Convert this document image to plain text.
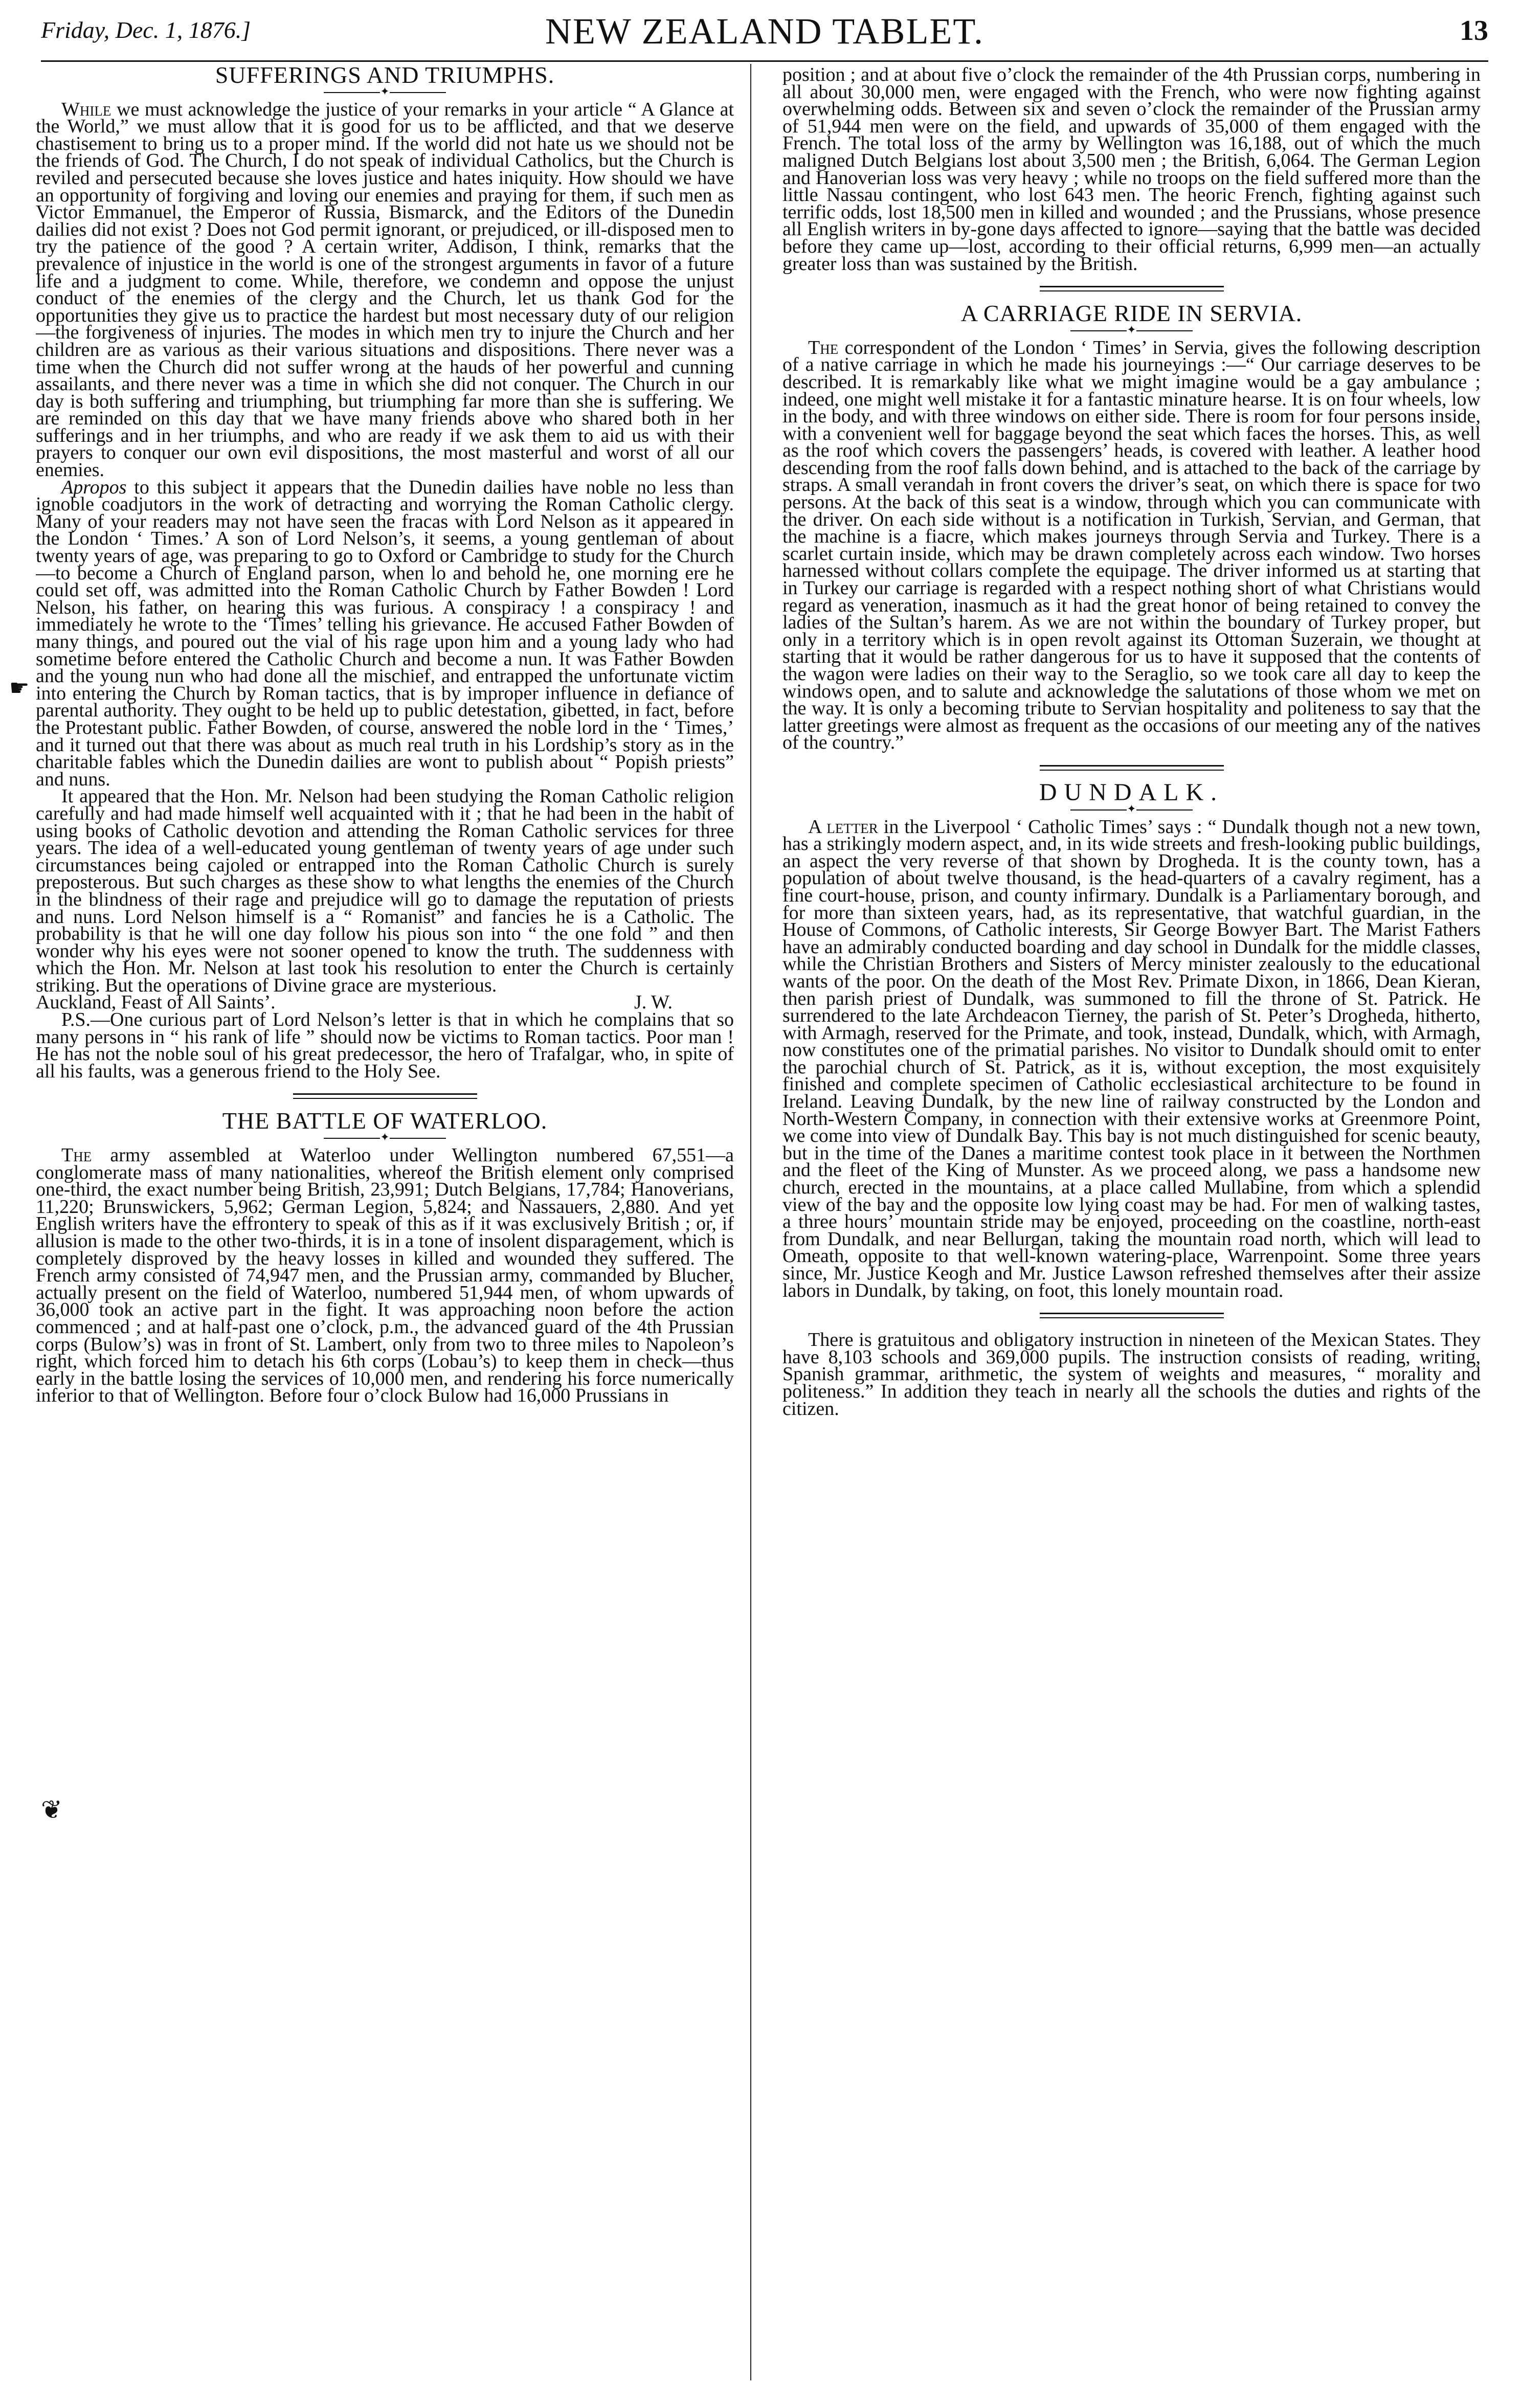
Friday, Dec. 1, 1876.]	NEW ZEALAND TABLET.	13
☛
❦
SUFFERINGS AND TRIUMPHS.
✦

While we must acknowledge the justice of your remarks in your article “ A Glance at the World,” we must allow that it is good for us to be afflicted, and that we deserve chastisement to bring us to a proper mind. If the world did not hate us we should not be the friends of God. The Church, I do not speak of individual Catholics, but the Church is reviled and persecuted because she loves justice and hates iniquity. How should we have an opportunity of forgiving and loving our enemies and praying for them, if such men as Victor Emmanuel, the Emperor of Russia, Bismarck, and the Editors of the Dunedin dailies did not exist ? Does not God permit ignorant, or prejudiced, or ill-disposed men to try the patience of the good ? A certain writer, Addison, I think, remarks that the prevalence of injustice in the world is one of the strongest arguments in favor of a future life and a judgment to come. While, therefore, we condemn and oppose the unjust conduct of the enemies of the clergy and the Church, let us thank God for the opportunities they give us to practice the hardest but most necessary duty of our religion—the forgiveness of injuries. The modes in which men try to injure the Church and her children are as various as their various situations and dispositions. There never was a time when the Church did not suffer wrong at the hauds of her powerful and cunning assailants, and there never was a time in which she did not conquer. The Church in our day is both suffering and triumphing, but triumphing far more than she is suffering. We are reminded on this day that we have many friends above who shared both in her sufferings and in her triumphs, and who are ready if we ask them to aid us with their prayers to conquer our own evil dispositions, the most masterful and worst of all our enemies.

Apropos to this subject it appears that the Dunedin dailies have noble no less than ignoble coadjutors in the work of detracting and worrying the Roman Catholic clergy. Many of your readers may not have seen the fracas with Lord Nelson as it appeared in the London ‘ Times.’ A son of Lord Nelson’s, it seems, a young gentleman of about twenty years of age, was preparing to go to Oxford or Cambridge to study for the Church—to become a Church of England parson, when lo and behold he, one morning ere he could set off, was admitted into the Roman Catholic Church by Father Bowden ! Lord Nelson, his father, on hearing this was furious. A conspiracy ! a conspiracy ! and immediately he wrote to the ‘Times’ telling his grievance. He accused Father Bowden of many things, and poured out the vial of his rage upon him and a young lady who had sometime before entered the Catholic Church and become a nun. It was Father Bowden and the young nun who had done all the mischief, and entrapped the unfortunate victim into entering the Church by Roman tactics, that is by improper influence in defiance of parental authority. They ought to be held up to public detestation, gibetted, in fact, before the Protestant public. Father Bowden, of course, answered the noble lord in the ‘ Times,’ and it turned out that there was about as much real truth in his Lordship’s story as in the charitable fables which the Dunedin dailies are wont to publish about “ Popish priests” and nuns.

It appeared that the Hon. Mr. Nelson had been studying the Roman Catholic religion carefully and had made himself well acquainted with it ; that he had been in the habit of using books of Catholic devotion and attending the Roman Catholic services for three years. The idea of a well-educated young gentleman of twenty years of age under such circumstances being cajoled or entrapped into the Roman Catholic Church is surely preposterous. But such charges as these show to what lengths the enemies of the Church in the blindness of their rage and prejudice will go to damage the reputation of priests and nuns. Lord Nelson himself is a “ Romanist” and fancies he is a Catholic. The probability is that he will one day follow his pious son into “ the one fold ” and then wonder why his eyes were not sooner opened to know the truth. The suddenness with which the Hon. Mr. Nelson at last took his resolution to enter the Church is certainly striking. But the operations of Divine grace are mysterious.

Auckland, Feast of All Saints’.	J. W.

P.S.—One curious part of Lord Nelson’s letter is that in which he complains that so many persons in “ his rank of life ” should now be victims to Roman tactics. Poor man ! He has not the noble soul of his great predecessor, the hero of Trafalgar, who, in spite of all his faults, was a generous friend to the Holy See.

THE BATTLE OF WATERLOO.
✦

The army assembled at Waterloo under Wellington numbered 67,551—a conglomerate mass of many nationalities, whereof the British element only comprised one-third, the exact number being British, 23,991; Dutch Belgians, 17,784; Hanoverians, 11,220; Brunswickers, 5,962; German Legion, 5,824; and Nassauers, 2,880. And yet English writers have the effrontery to speak of this as if it was exclusively British ; or, if allusion is made to the other two-thirds, it is in a tone of insolent disparagement, which is completely disproved by the heavy losses in killed and wounded they suffered. The French army consisted of 74,947 men, and the Prussian army, commanded by Blucher, actually present on the field of Waterloo, numbered 51,944 men, of whom upwards of 36,000 took an active part in the fight. It was approaching noon before the action commenced ; and at half-past one o’clock, p.m., the advanced guard of the 4th Prussian corps (Bulow’s) was in front of St. Lambert, only from two to three miles to Napoleon’s right, which forced him to detach his 6th corps (Lobau’s) to keep them in check—thus early in the battle losing the services of 10,000 men, and rendering his force numerically inferior to that of Wellington. Before four o’clock Bulow had 16,000 Prussians in

position ; and at about five o’clock the remainder of the 4th Prussian corps, numbering in all about 30,000 men, were engaged with the French, who were now fighting against overwhelming odds. Between six and seven o’clock the remainder of the Prussian army of 51,944 men were on the field, and upwards of 35,000 of them engaged with the French. The total loss of the army by Wellington was 16,188, out of which the much maligned Dutch Belgians lost about 3,500 men ; the British, 6,064. The German Legion and Hanoverian loss was very heavy ; while no troops on the field suffered more than the little Nassau contingent, who lost 643 men. The heoric French, fighting against such terrific odds, lost 18,500 men in killed and wounded ; and the Prussians, whose presence all English writers in by-gone days affected to ignore—saying that the battle was decided before they came up—lost, according to their official returns, 6,999 men—an actually greater loss than was sustained by the British.

A CARRIAGE RIDE IN SERVIA.
✦

The correspondent of the London ‘ Times’ in Servia, gives the following description of a native carriage in which he made his journeyings :—“ Our carriage deserves to be described. It is remarkably like what we might imagine would be a gay ambulance ; indeed, one might well mistake it for a fantastic minature hearse. It is on four wheels, low in the body, and with three windows on either side. There is room for four persons inside, with a convenient well for baggage beyond the seat which faces the horses. This, as well as the roof which covers the passengers’ heads, is covered with leather. A leather hood descending from the roof falls down behind, and is attached to the back of the carriage by straps. A small verandah in front covers the driver’s seat, on which there is space for two persons. At the back of this seat is a window, through which you can communicate with the driver. On each side without is a notification in Turkish, Servian, and German, that the machine is a fiacre, which makes journeys through Servia and Turkey. There is a scarlet curtain inside, which may be drawn completely across each window. Two horses harnessed without collars complete the equipage. The driver informed us at starting that in Turkey our carriage is regarded with a respect nothing short of what Christians would regard as veneration, inasmuch as it had the great honor of being retained to convey the ladies of the Sultan’s harem. As we are not within the boundary of Turkey proper, but only in a territory which is in open revolt against its Ottoman Suzerain, we thought at starting that it would be rather dangerous for us to have it supposed that the contents of the wagon were ladies on their way to the Seraglio, so we took care all day to keep the windows open, and to salute and acknowledge the salutations of those whom we met on the way. It is only a becoming tribute to Servian hospitality and politeness to say that the latter greetings were almost as frequent as the occasions of our meeting any of the natives of the country.”

DUNDALK.
✦

A letter in the Liverpool ‘ Catholic Times’ says : “ Dundalk though not a new town, has a strikingly modern aspect, and, in its wide streets and fresh-looking public buildings, an aspect the very reverse of that shown by Drogheda. It is the county town, has a population of about twelve thousand, is the head-quarters of a cavalry regiment, has a fine court-house, prison, and county infirmary. Dundalk is a Parliamentary borough, and for more than sixteen years, had, as its representative, that watchful guardian, in the House of Commons, of Catholic interests, Sir George Bowyer Bart. The Marist Fathers have an admirably conducted boarding and day school in Dundalk for the middle classes, while the Christian Brothers and Sisters of Mercy minister zealously to the educational wants of the poor. On the death of the Most Rev. Primate Dixon, in 1866, Dean Kieran, then parish priest of Dundalk, was summoned to fill the throne of St. Patrick. He surrendered to the late Archdeacon Tierney, the parish of St. Peter’s Drogheda, hitherto, with Armagh, reserved for the Primate, and took, instead, Dundalk, which, with Armagh, now constitutes one of the primatial parishes. No visitor to Dundalk should omit to enter the parochial church of St. Patrick, as it is, without exception, the most exquisitely finished and complete specimen of Catholic ecclesiastical architecture to be found in Ireland. Leaving Dundalk, by the new line of railway constructed by the London and North-Western Company, in connection with their extensive works at Greenmore Point, we come into view of Dundalk Bay. This bay is not much distinguished for scenic beauty, but in the time of the Danes a maritime contest took place in it between the Northmen and the fleet of the King of Munster. As we proceed along, we pass a handsome new church, erected in the mountains, at a place called Mullabine, from which a splendid view of the bay and the opposite low lying coast may be had. For men of walking tastes, a three hours’ mountain stride may be enjoyed, proceeding on the coastline, north-east from Dundalk, and near Bellurgan, taking the mountain road north, which will lead to Omeath, opposite to that well-known watering-place, Warrenpoint. Some three years since, Mr. Justice Keogh and Mr. Justice Lawson refreshed themselves after their assize labors in Dundalk, by taking, on foot, this lonely mountain road.

There is gratuitous and obligatory instruction in nineteen of the Mexican States. They have 8,103 schools and 369,000 pupils. The instruction consists of reading, writing, Spanish grammar, arithmetic, the system of weights and measures, “ morality and politeness.” In addition they teach in nearly all the schools the duties and rights of the citizen.
